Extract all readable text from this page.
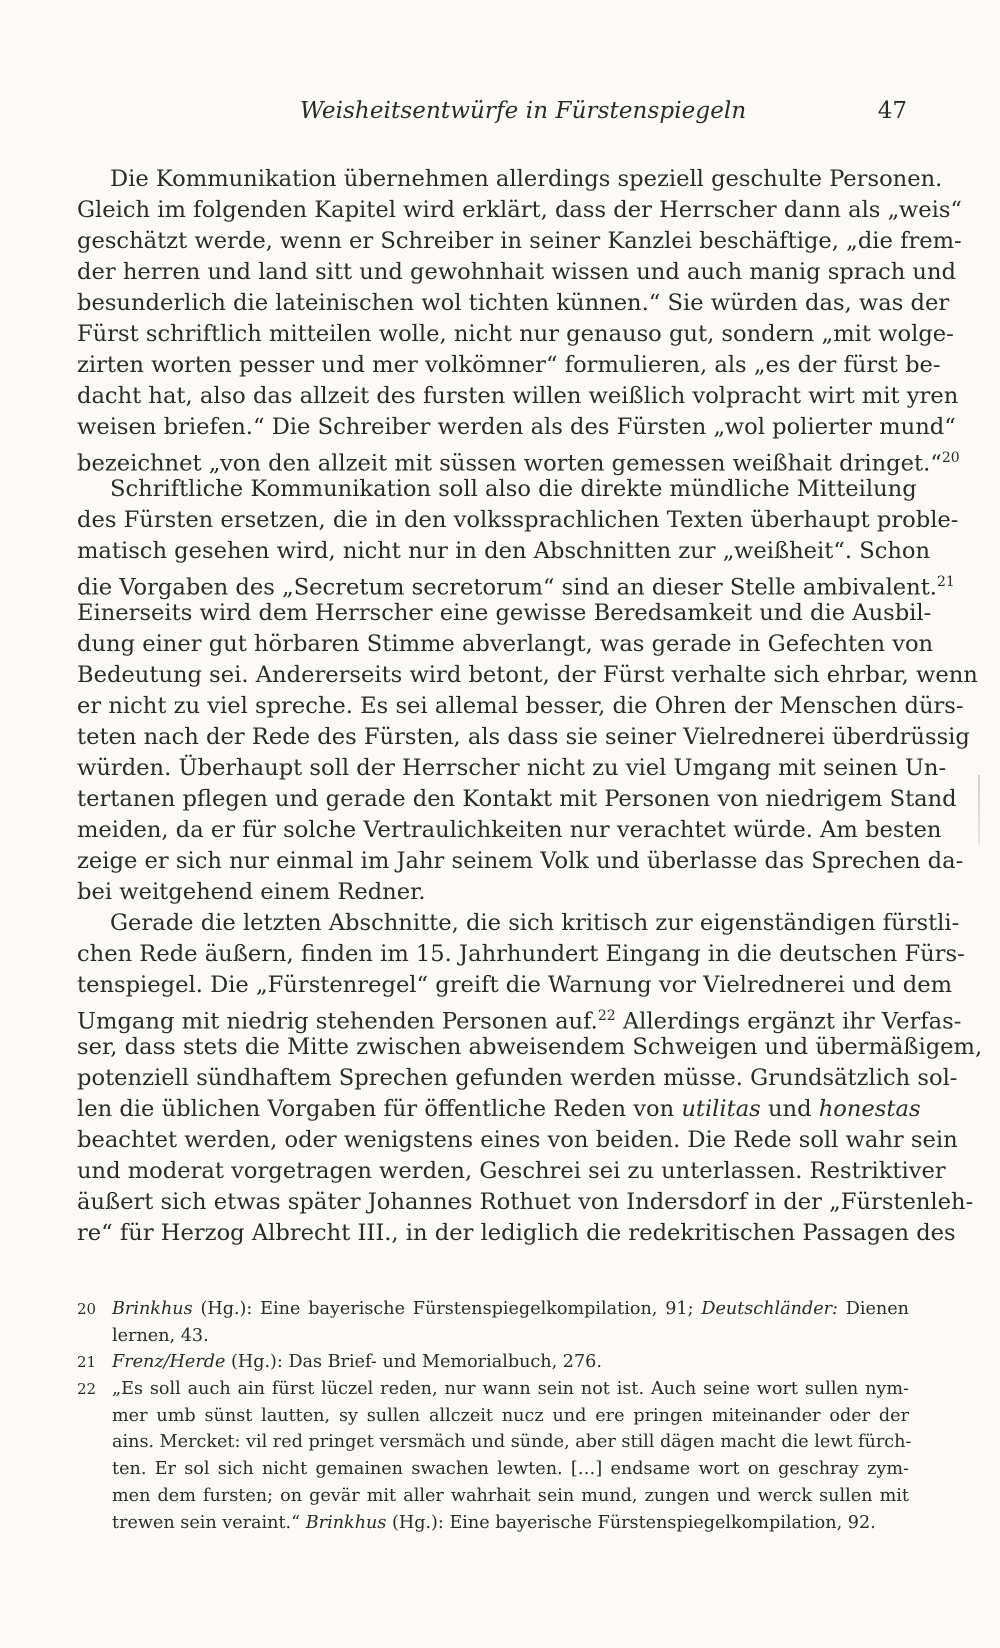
Weisheitsentwürfe in Fürstenspiegeln	47
Die Kommunikation übernehmen allerdings speziell geschulte Personen.
Gleich im folgenden Kapitel wird erklärt, dass der Herrscher dann als „weis“
geschätzt werde, wenn er Schreiber in seiner Kanzlei beschäftige, „die frem-
der herren und land sitt und gewohnhait wissen und auch manig sprach und
besunderlich die lateinischen wol tichten künnen.“ Sie würden das, was der
Fürst schriftlich mitteilen wolle, nicht nur genauso gut, sondern „mit wolge-
zirten worten pesser und mer volkömner“ formulieren, als „es der fürst be-
dacht hat, also das allzeit des fursten willen weißlich volpracht wirt mit yren
weisen briefen.“ Die Schreiber werden als des Fürsten „wol polierter mund“
bezeichnet „von den allzeit mit süssen worten gemessen weißhait dringet.“$^{20}$
Schriftliche Kommunikation soll also die direkte mündliche Mitteilung
des Fürsten ersetzen, die in den volkssprachlichen Texten überhaupt proble-
matisch gesehen wird, nicht nur in den Abschnitten zur „weißheit“. Schon
die Vorgaben des „Secretum secretorum“ sind an dieser Stelle ambivalent.$^{21}$
Einerseits wird dem Herrscher eine gewisse Beredsamkeit und die Ausbil-
dung einer gut hörbaren Stimme abverlangt, was gerade in Gefechten von
Bedeutung sei. Andererseits wird betont, der Fürst verhalte sich ehrbar, wenn
er nicht zu viel spreche. Es sei allemal besser, die Ohren der Menschen dürs-
teten nach der Rede des Fürsten, als dass sie seiner Vielrednerei überdrüssig
würden. Überhaupt soll der Herrscher nicht zu viel Umgang mit seinen Un-
tertanen pflegen und gerade den Kontakt mit Personen von niedrigem Stand
meiden, da er für solche Vertraulichkeiten nur verachtet würde. Am besten
zeige er sich nur einmal im Jahr seinem Volk und überlasse das Sprechen da-
bei weitgehend einem Redner.
Gerade die letzten Abschnitte, die sich kritisch zur eigenständigen fürstli-
chen Rede äußern, finden im 15. Jahrhundert Eingang in die deutschen Fürs-
tenspiegel. Die „Fürstenregel“ greift die Warnung vor Vielrednerei und dem
Umgang mit niedrig stehenden Personen auf.$^{22}$ Allerdings ergänzt ihr Verfas-
ser, dass stets die Mitte zwischen abweisendem Schweigen und übermäßigem,
potenziell sündhaftem Sprechen gefunden werden müsse. Grundsätzlich sol-
len die üblichen Vorgaben für öffentliche Reden von utilitas und honestas
beachtet werden, oder wenigstens eines von beiden. Die Rede soll wahr sein
und moderat vorgetragen werden, Geschrei sei zu unterlassen. Restriktiver
äußert sich etwas später Johannes Rothuet von Indersdorf in der „Fürstenleh-
re“ für Herzog Albrecht III., in der lediglich die redekritischen Passagen des
20 Brinkhus (Hg.): Eine bayerische Fürstenspiegelkompilation, 91; Deutschländer: Dienen
lernen, 43.
21 Frenz/Herde (Hg.): Das Brief- und Memorialbuch, 276.
22 „Es soll auch ain fürst lüczel reden, nur wann sein not ist. Auch seine wort sullen nym-
mer umb sünst lautten, sy sullen allczeit nucz und ere pringen miteinander oder der
ains. Mercket: vil red pringet versmäch und sünde, aber still dägen macht die lewt fürch-
ten. Er sol sich nicht gemainen swachen lewten. […] endsame wort on geschray zym-
men dem fursten; on gevär mit aller wahrhait sein mund, zungen und werck sullen mit
trewen sein veraint.“ Brinkhus (Hg.): Eine bayerische Fürstenspiegelkompilation, 92.
